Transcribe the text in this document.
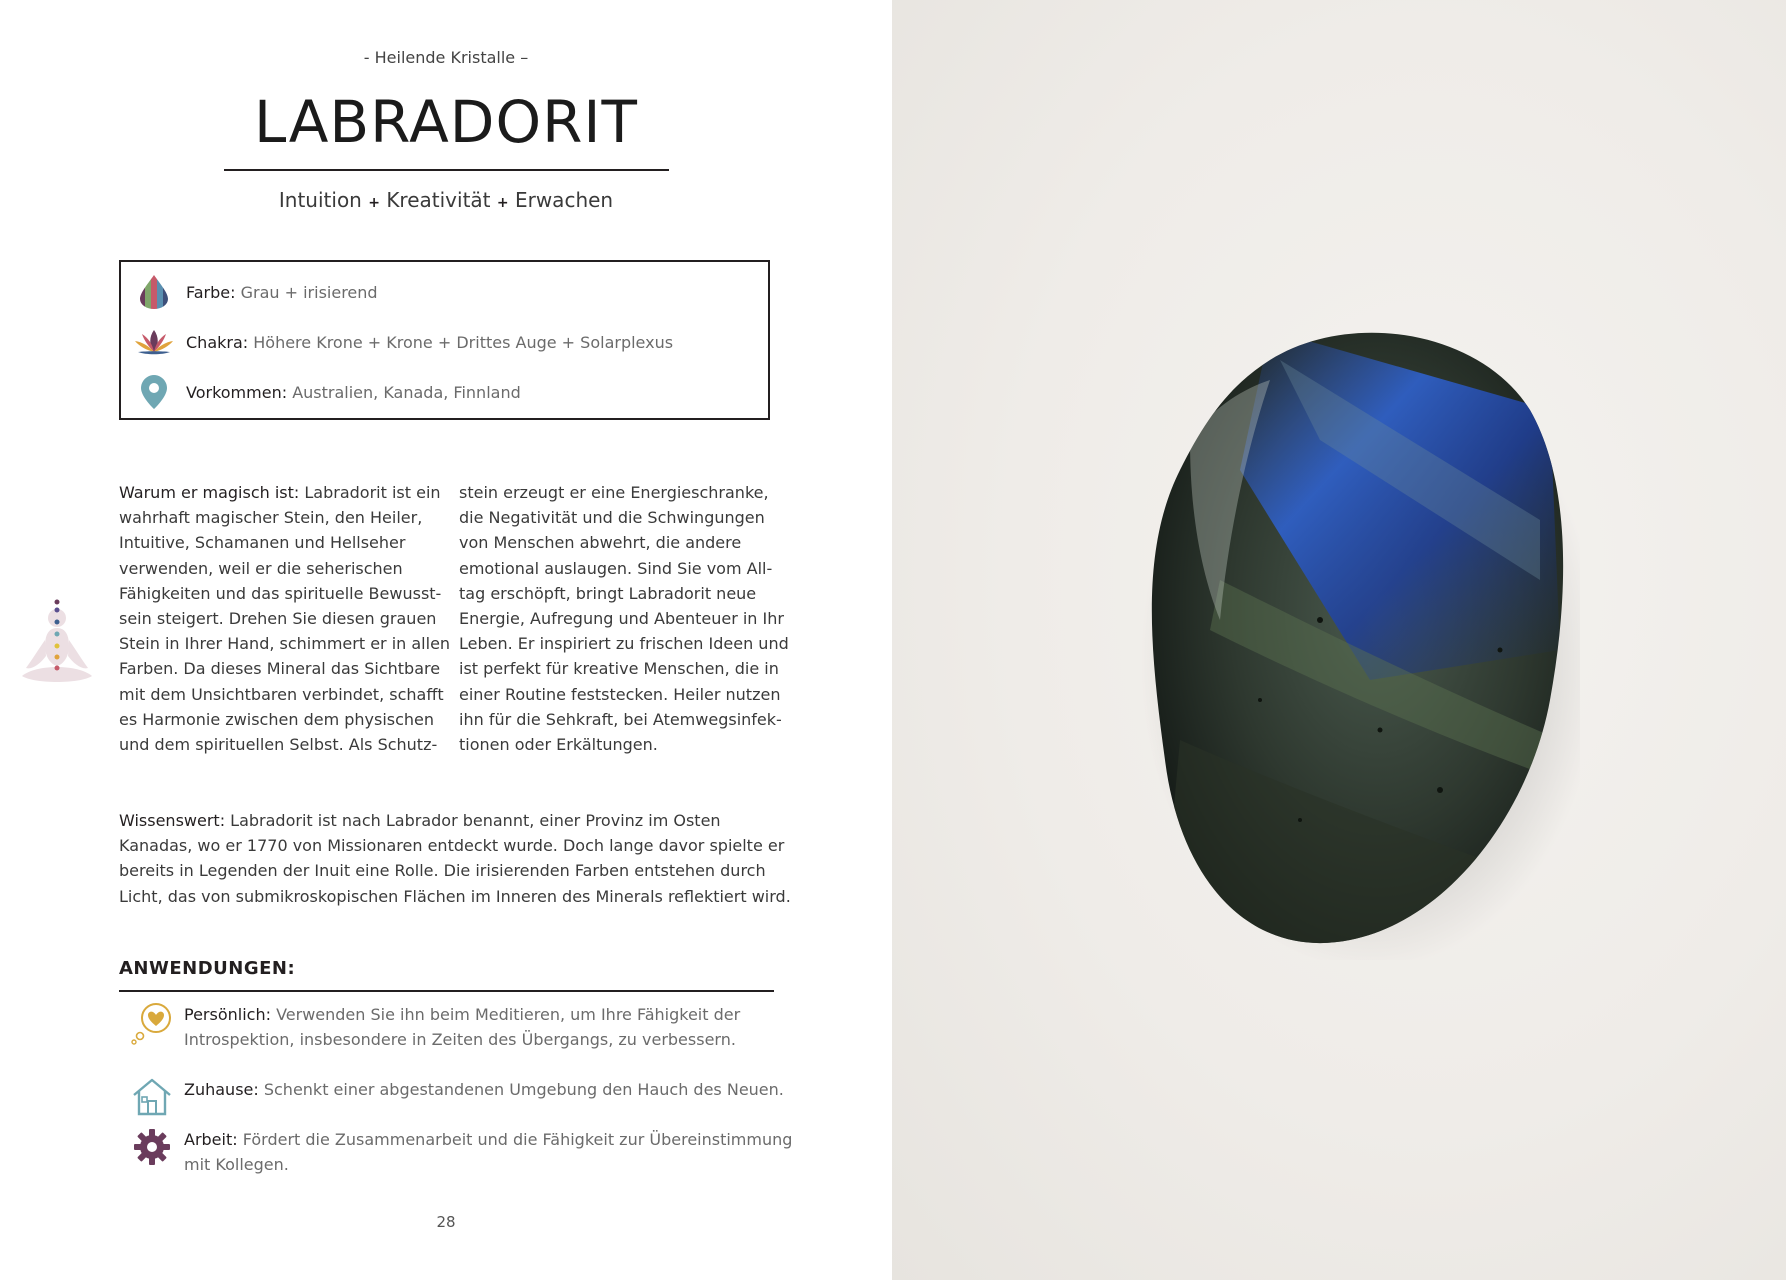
- Heilende Kristalle –
LABRADORIT
Intuition + Kreativität + Erwachen
Farbe: Grau + irisierend
Chakra: Höhere Krone + Krone + Drittes Auge + Solarplexus
Vorkommen: Australien, Kanada, Finnland
Warum er magisch ist: Labradorit ist ein
wahrhaft magischer Stein, den Heiler,
Intuitive, Schamanen und Hellseher
verwenden, weil er die seherischen
Fähigkeiten und das spirituelle Bewusst-
sein steigert. Drehen Sie diesen grauen
Stein in Ihrer Hand, schimmert er in allen
Farben. Da dieses Mineral das Sichtbare
mit dem Unsichtbaren verbindet, schafft
es Harmonie zwischen dem physischen
und dem spirituellen Selbst. Als Schutz-
stein erzeugt er eine Energieschranke,
die Negativität und die Schwingungen
von Menschen abwehrt, die andere
emotional auslaugen. Sind Sie vom All-
tag erschöpft, bringt Labradorit neue
Energie, Aufregung und Abenteuer in Ihr
Leben. Er inspiriert zu frischen Ideen und
ist perfekt für kreative Menschen, die in
einer Routine feststecken. Heiler nutzen
ihn für die Sehkraft, bei Atemwegsinfek-
tionen oder Erkältungen.
Wissenswert: Labradorit ist nach Labrador benannt, einer Provinz im Osten
Kanadas, wo er 1770 von Missionaren entdeckt wurde. Doch lange davor spielte er
bereits in Legenden der Inuit eine Rolle. Die irisierenden Farben entstehen durch
Licht, das von submikroskopischen Flächen im Inneren des Minerals reflektiert wird.
ANWENDUNGEN:
Persönlich: Verwenden Sie ihn beim Meditieren, um Ihre Fähigkeit der
Introspektion, insbesondere in Zeiten des Übergangs, zu verbessern.
Zuhause: Schenkt einer abgestandenen Umgebung den Hauch des Neuen.
Arbeit: Fördert die Zusammenarbeit und die Fähigkeit zur Übereinstimmung
mit Kollegen.
28
